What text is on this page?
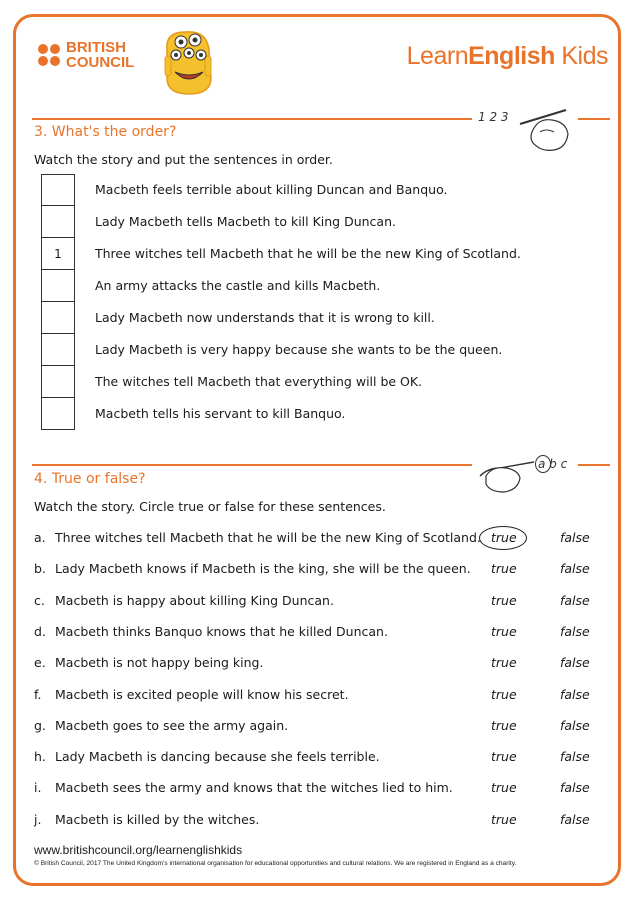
BRITISH
COUNCIL	LearnEnglish Kids
1 2 3
3. What's the order?
Watch the story and put the sentences in order.
Macbeth feels terrible about killing Duncan and Banquo.
Lady Macbeth tells Macbeth to kill King Duncan.
1	Three witches tell Macbeth that he will be the new King of Scotland.
An army attacks the castle and kills Macbeth.
Lady Macbeth now understands that it is wrong to kill.
Lady Macbeth is very happy because she wants to be the queen.
The witches tell Macbeth that everything will be OK.
Macbeth tells his servant to kill Banquo.
a b c
4. True or false?
Watch the story. Circle true or false for these sentences.
a. Three witches tell Macbeth that he will be the new King of Scotland. true	false
b. Lady Macbeth knows if Macbeth is the king, she will be the queen. true	false
c. Macbeth is happy about killing King Duncan.	true	false
d. Macbeth thinks Banquo knows that he killed Duncan.	true	false
e. Macbeth is not happy being king.	true	false
f. Macbeth is excited people will know his secret.	true	false
g. Macbeth goes to see the army again.	true	false
h. Lady Macbeth is dancing because she feels terrible.	true	false
i. Macbeth sees the army and knows that the witches lied to him.	true	false
j. Macbeth is killed by the witches.	true	false
www.britishcouncil.org/learnenglishkids
© British Council, 2017 The United Kingdom’s international organisation for educational opportunities and cultural relations. We are registered in England as a charity.
